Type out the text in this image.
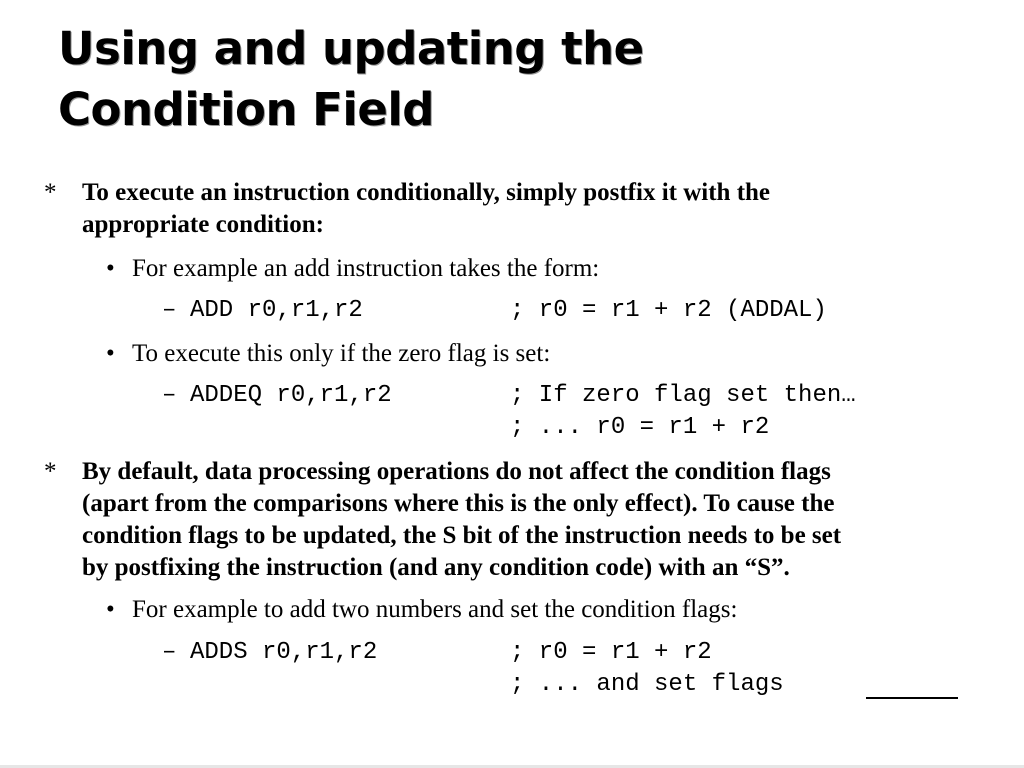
Using and updating the
Condition Field
* To execute an instruction conditionally, simply postfix it with the
appropriate condition:

• For example an add instruction takes the form:

– ADD r0,r1,r2	; r0 = r1 + r2 (ADDAL)
• To execute this only if the zero flag is set:

– ADDEQ r0,r1,r2	; If zero flag set then…
; ... r0 = r1 + r2
* By default, data processing operations do not affect the condition flags
(apart from the comparisons where this is the only effect). To cause the
condition flags to be updated, the S bit of the instruction needs to be set
by postfixing the instruction (and any condition code) with an “S”.

• For example to add two numbers and set the condition flags:

– ADDS r0,r1,r2	; r0 = r1 + r2
; ... and set flags
